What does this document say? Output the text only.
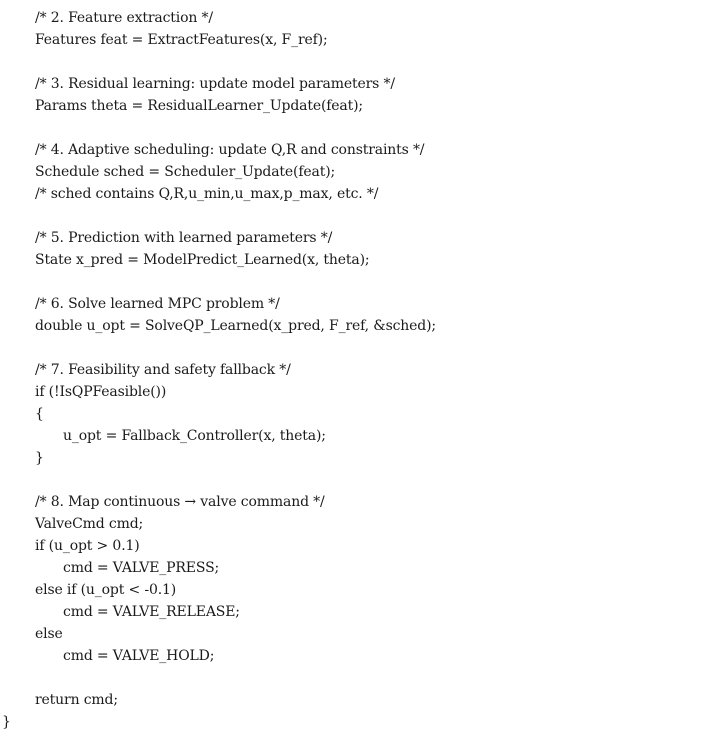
/* 2. Feature extraction */
Features feat = ExtractFeatures(x, F_ref);

/* 3. Residual learning: update model parameters */
Params theta = ResidualLearner_Update(feat);

/* 4. Adaptive scheduling: update Q,R and constraints */
Schedule sched = Scheduler_Update(feat);
/* sched contains Q,R,u_min,u_max,p_max, etc. */

/* 5. Prediction with learned parameters */
State x_pred = ModelPredict_Learned(x, theta);

/* 6. Solve learned MPC problem */
double u_opt = SolveQP_Learned(x_pred, F_ref, &sched);

/* 7. Feasibility and safety fallback */
if (!IsQPFeasible())
{
u_opt = Fallback_Controller(x, theta);
}

/* 8. Map continuous → valve command */
ValveCmd cmd;
if (u_opt > 0.1)
cmd = VALVE_PRESS;
else if (u_opt < -0.1)
cmd = VALVE_RELEASE;
else
cmd = VALVE_HOLD;

return cmd;
}
